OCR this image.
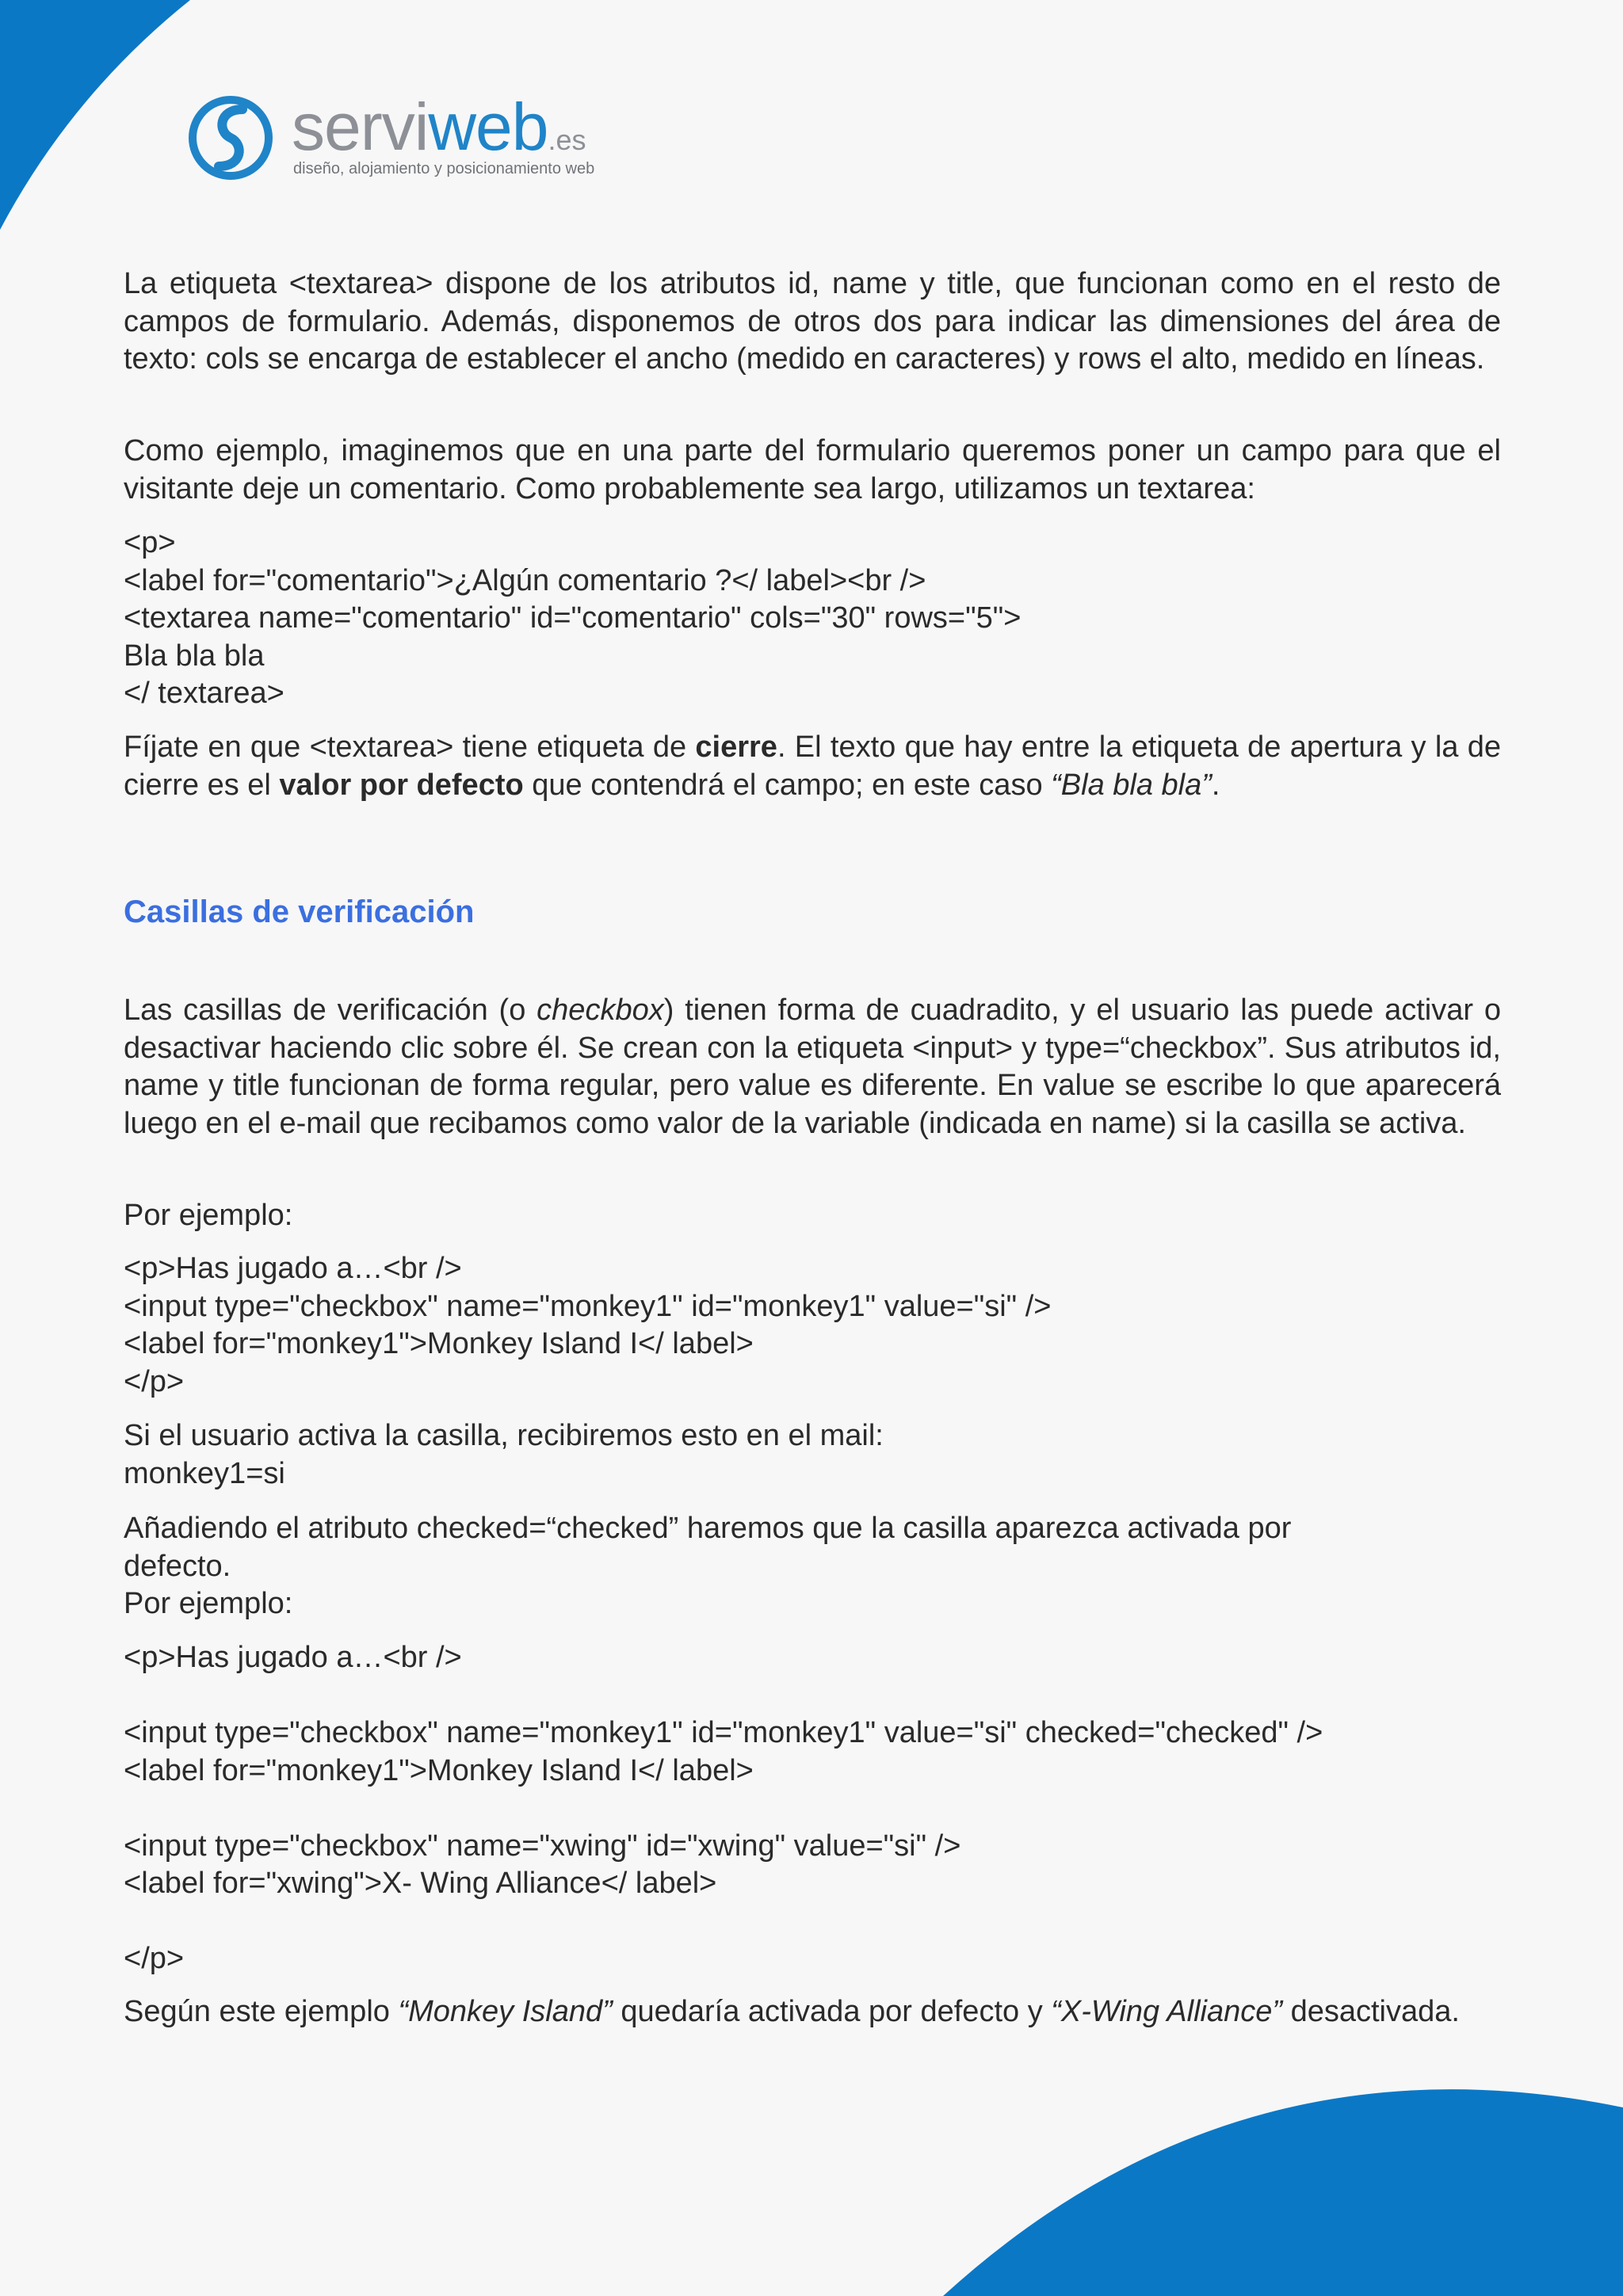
serviweb.es
diseño, alojamiento y posicionamiento web

La etiqueta <textarea> dispone de los atributos id, name y title, que funcionan como en el resto de campos de formulario. Además, disponemos de otros dos para indicar las dimensiones del área de texto: cols se encarga de establecer el ancho (medido en caracteres) y rows el alto, medido en líneas.

Como ejemplo, imaginemos que en una parte del formulario queremos poner un campo para que el visitante deje un comentario. Como probablemente sea largo, utilizamos un textarea:

<p>
<label for="comentario">¿Algún comentario ?</ label><br />
<textarea name="comentario" id="comentario" cols="30" rows="5">
Bla bla bla
</ textarea>

Fíjate en que <textarea> tiene etiqueta de cierre. El texto que hay entre la etiqueta de apertura y la de cierre es el valor por defecto que contendrá el campo; en este caso “Bla bla bla”.

Casillas de verificación

Las casillas de verificación (o checkbox) tienen forma de cuadradito, y el usuario las puede activar o desactivar haciendo clic sobre él. Se crean con la etiqueta <input> y type=“checkbox”. Sus atributos id, name y title funcionan de forma regular, pero value es diferente. En value se escribe lo que aparecerá luego en el e-mail que recibamos como valor de la variable (indicada en name) si la casilla se activa.

Por ejemplo:

<p>Has jugado a…<br />
<input type="checkbox" name="monkey1" id="monkey1" value="si" />
<label for="monkey1">Monkey Island I</ label>
</p>
Si el usuario activa la casilla, recibiremos esto en el mail:
monkey1=si
Añadiendo el atributo checked=“checked” haremos que la casilla aparezca activada por
defecto.
Por ejemplo:
<p>Has jugado a…<br />
<input type="checkbox" name="monkey1" id="monkey1" value="si" checked="checked" />
<label for="monkey1">Monkey Island I</ label>
<input type="checkbox" name="xwing" id="xwing" value="si" />
<label for="xwing">X- Wing Alliance</ label>
</p>

Según este ejemplo “Monkey Island” quedaría activada por defecto y “X-Wing Alliance” desactivada.
